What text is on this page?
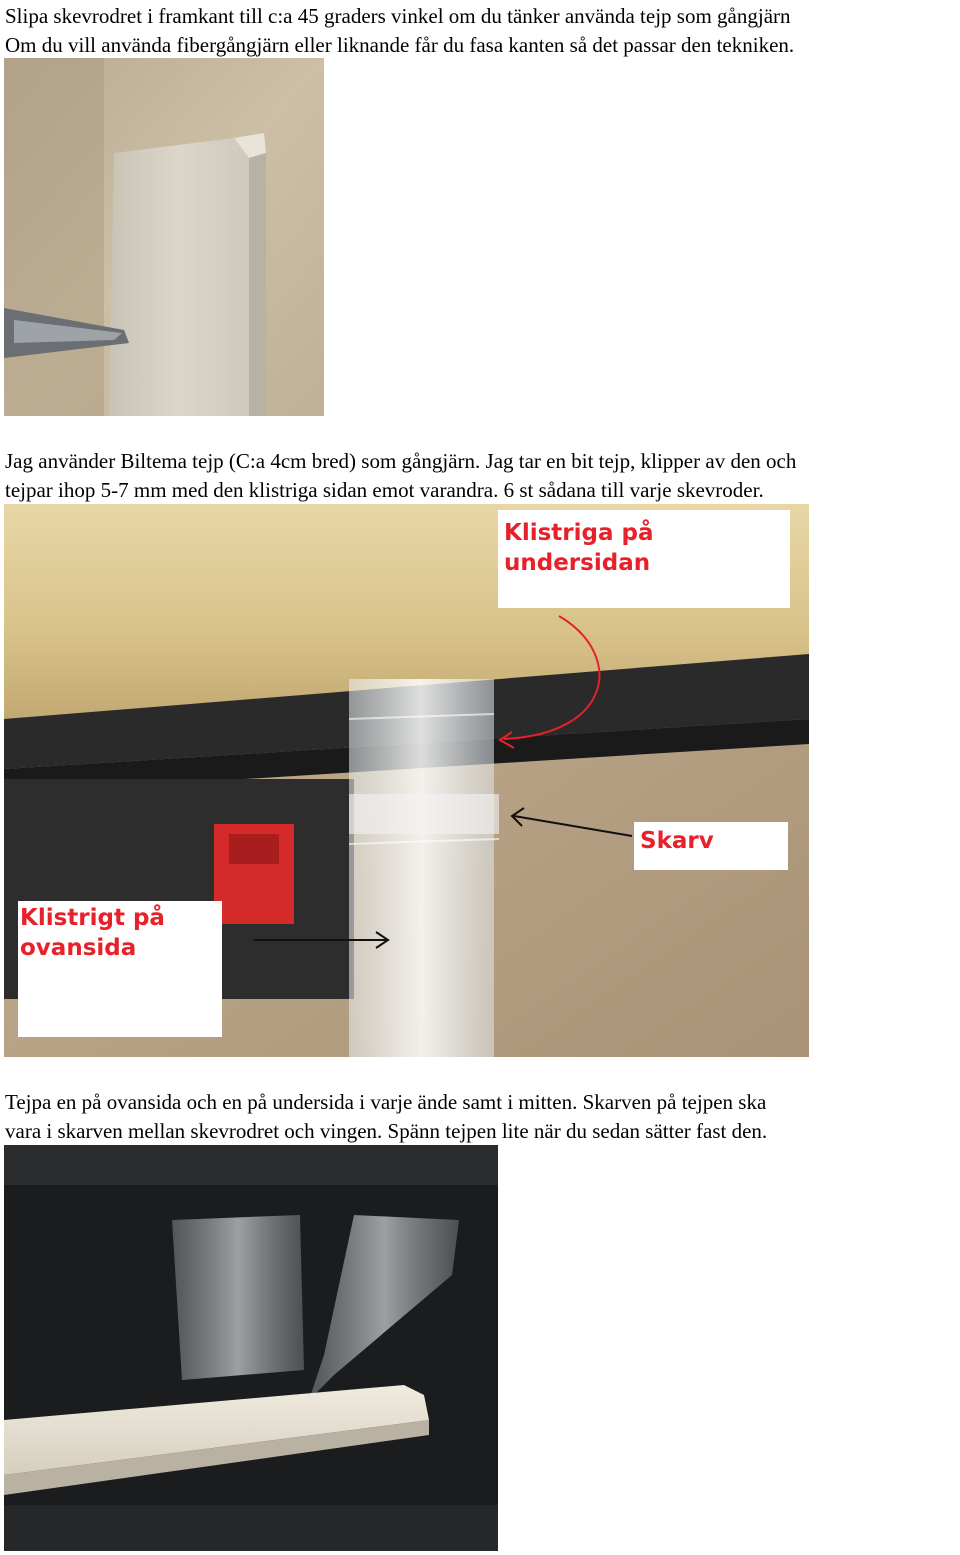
Slipa skevrodret i framkant till c:a 45 graders vinkel om du tänker använda tejp som gångjärn
Om du vill använda fibergångjärn eller liknande får du fasa kanten så det passar den tekniken.
Jag använder Biltema tejp (C:a 4cm bred) som gångjärn. Jag tar en bit tejp, klipper av den och
tejpar ihop 5-7 mm med den klistriga sidan emot varandra. 6 st sådana till varje skevroder.
Klistriga på
undersidan
Skarv
Klistrigt på
ovansida
Tejpa en på ovansida och en på undersida i varje ände samt i mitten. Skarven på tejpen ska
vara i skarven mellan skevrodret och vingen. Spänn tejpen lite när du sedan sätter fast den.
